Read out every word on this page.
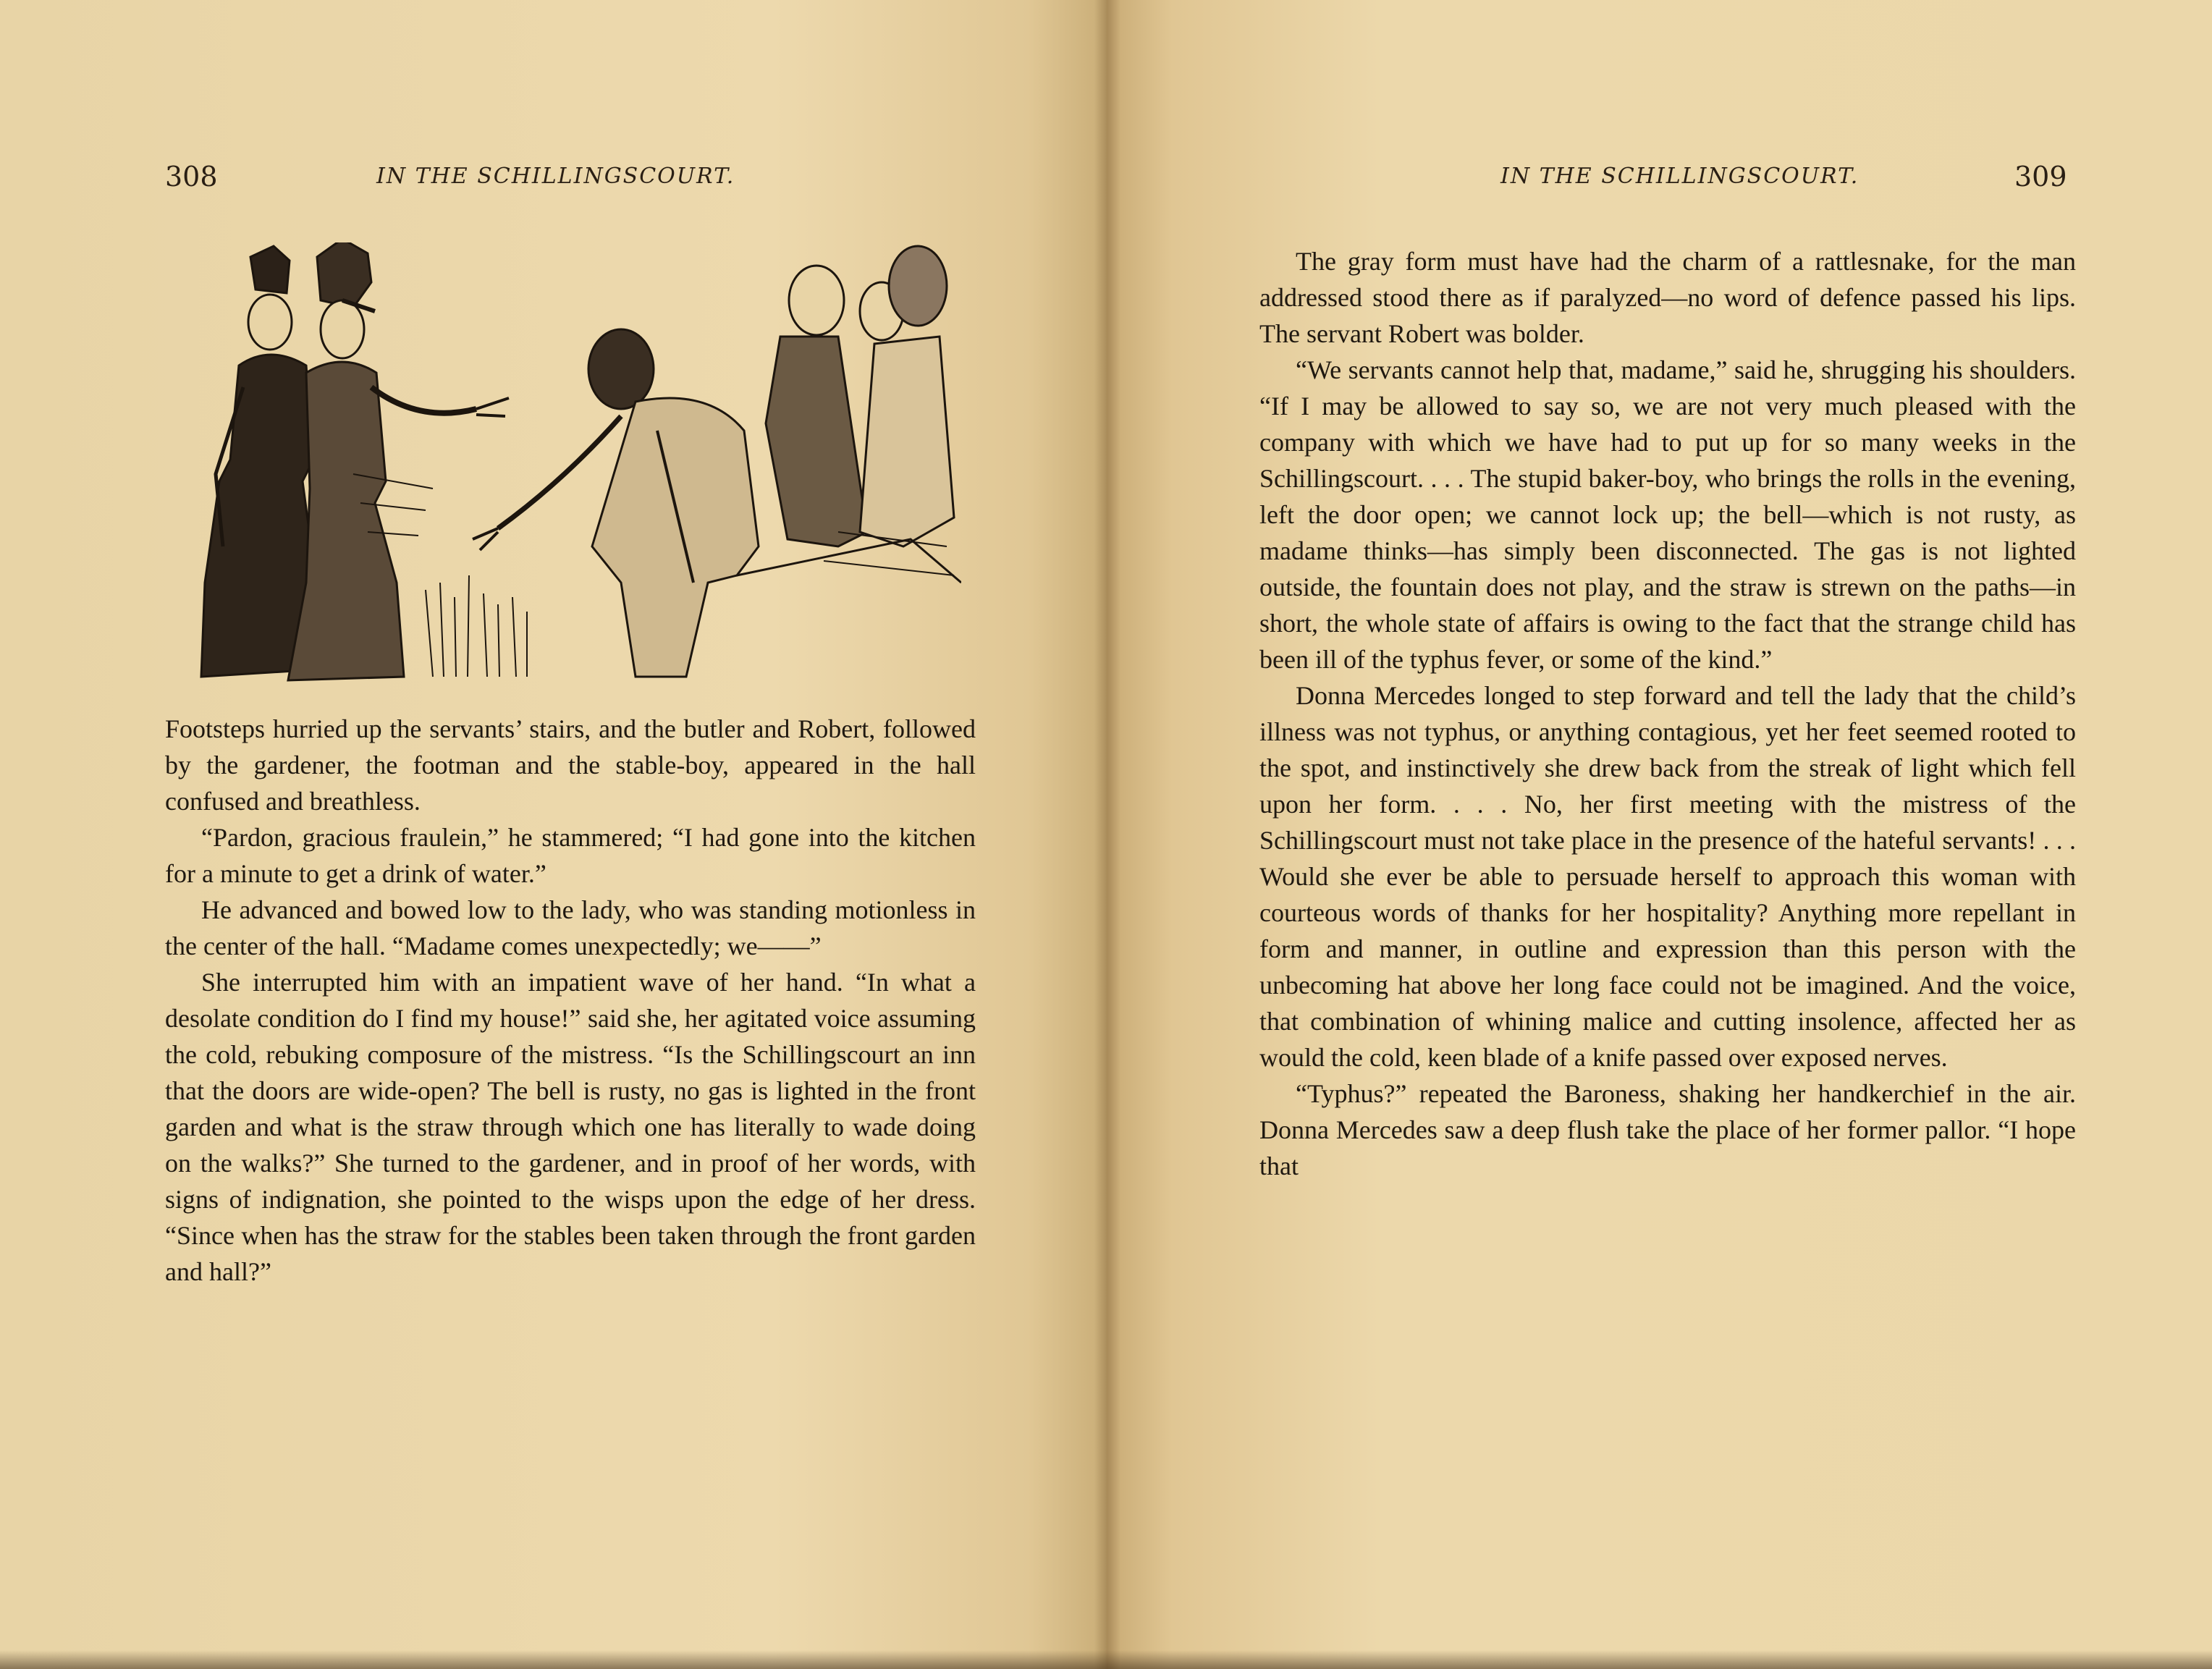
308	IN THE SCHILLINGSCOURT.

Footsteps hurried up the servants’ stairs, and the butler and Robert, followed by the gardener, the footman and the stable-boy, appeared in the hall confused and breathless.

“Pardon, gracious fraulein,” he stammered; “I had gone into the kitchen for a minute to get a drink of water.”

He advanced and bowed low to the lady, who was standing motionless in the center of the hall. “Madame comes unexpectedly; we——”

She interrupted him with an impatient wave of her hand. “In what a desolate condition do I find my house!” said she, her agitated voice assuming the cold, rebuking composure of the mistress. “Is the Schillingscourt an inn that the doors are wide-open? The bell is rusty, no gas is lighted in the front garden and what is the straw through which one has literally to wade doing on the walks?” She turned to the gardener, and in proof of her words, with signs of indignation, she pointed to the wisps upon the edge of her dress. “Since when has the straw for the stables been taken through the front garden and hall?”

IN THE SCHILLINGSCOURT.	309

The gray form must have had the charm of a rattlesnake, for the man addressed stood there as if paralyzed—no word of defence passed his lips. The servant Robert was bolder.

“We servants cannot help that, madame,” said he, shrugging his shoulders. “If I may be allowed to say so, we are not very much pleased with the company with which we have had to put up for so many weeks in the Schillingscourt. . . . The stupid baker-boy, who brings the rolls in the evening, left the door open; we cannot lock up; the bell—which is not rusty, as madame thinks—has simply been disconnected. The gas is not lighted outside, the fountain does not play, and the straw is strewn on the paths—in short, the whole state of affairs is owing to the fact that the strange child has been ill of the typhus fever, or some of the kind.”

Donna Mercedes longed to step forward and tell the lady that the child’s illness was not typhus, or anything contagious, yet her feet seemed rooted to the spot, and instinctively she drew back from the streak of light which fell upon her form. . . . No, her first meeting with the mistress of the Schillingscourt must not take place in the presence of the hateful servants! . . . Would she ever be able to persuade herself to approach this woman with courteous words of thanks for her hospitality? Anything more repellant in form and manner, in outline and expression than this person with the unbecoming hat above her long face could not be imagined. And the voice, that combination of whining malice and cutting insolence, affected her as would the cold, keen blade of a knife passed over exposed nerves.

“Typhus?” repeated the Baroness, shaking her handkerchief in the air. Donna Mercedes saw a deep flush take the place of her former pallor. “I hope that
